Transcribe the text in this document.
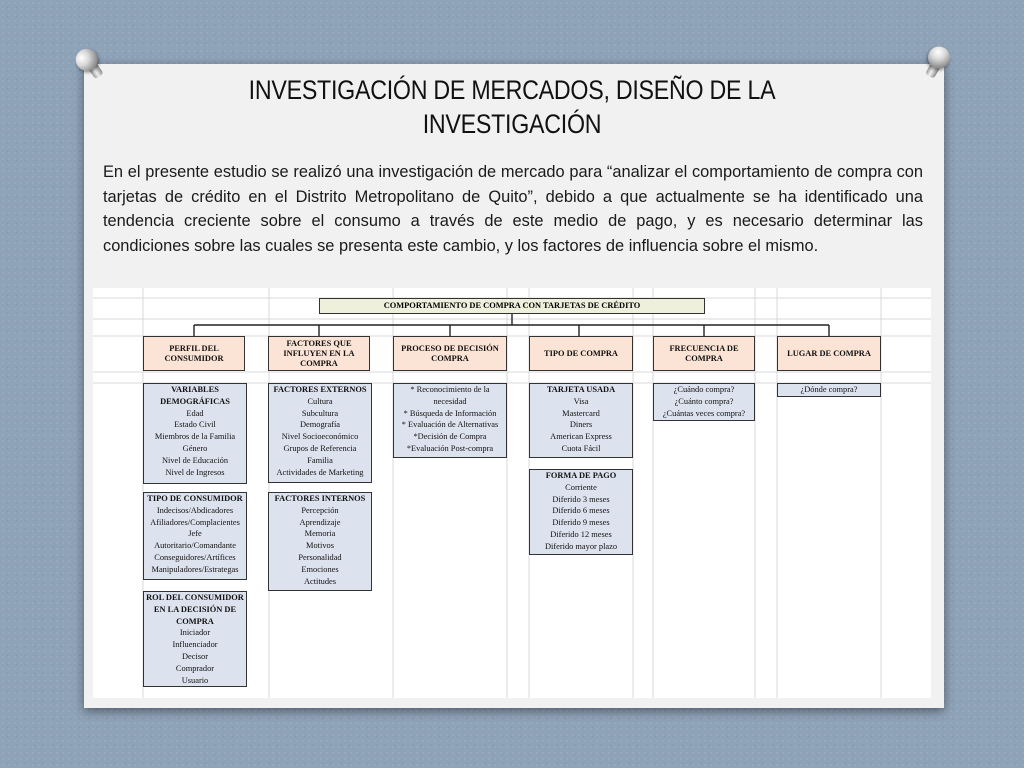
INVESTIGACIÓN DE MERCADOS, DISEÑO DE LA INVESTIGACIÓN
En el presente estudio se realizó una investigación de mercado para “analizar el comportamiento de compra con tarjetas de crédito en el Distrito Metropolitano de Quito”, debido a que actualmente se ha identificado una tendencia creciente sobre el consumo a través de este medio de pago, y es necesario determinar las condiciones sobre las cuales se presenta este cambio, y los factores de influencia sobre el mismo.
COMPORTAMIENTO DE COMPRA CON TARJETAS DE CRÉDITO
PERFIL DEL CONSUMIDOR
FACTORES QUE INFLUYEN EN LA COMPRA
PROCESO DE DECISIÓN COMPRA
TIPO DE COMPRA
FRECUENCIA DE COMPRA
LUGAR DE COMPRA
VARIABLES DEMOGRÁFICAS
Edad
Estado Civil
Miembros de la Familia
Género
Nivel de Educación
Nivel de Ingresos
TIPO DE CONSUMIDOR
Indecisos/Abdicadores
Afiliadores/Complacientes
Jefe
Autoritario/Comandante
Conseguidores/Artífices
Manipuladores/Estrategas
ROL DEL CONSUMIDOR EN LA DECISIÓN DE COMPRA
Iniciador
Influenciador
Decisor
Comprador
Usuario
FACTORES EXTERNOS
Cultura
Subcultura
Demografía
Nivel Socioeconómico
Grupos de Referencia
Familia
Actividades de Marketing
FACTORES INTERNOS
Percepción
Aprendizaje
Memoria
Motivos
Personalidad
Emociones
Actitudes
* Reconocimiento de la necesidad
* Búsqueda de Información
* Evaluación de Alternativas
*Decisión de Compra
*Evaluación Post-compra
TARJETA USADA
Visa
Mastercard
Diners
American Express
Cuota Fácil
FORMA DE PAGO
Corriente
Diferido 3 meses
Diferido 6 meses
Diferido 9 meses
Diferido 12 meses
Diferido mayor plazo
¿Cuándo compra?
¿Cuánto compra?
¿Cuántas veces compra?
¿Dónde compra?
